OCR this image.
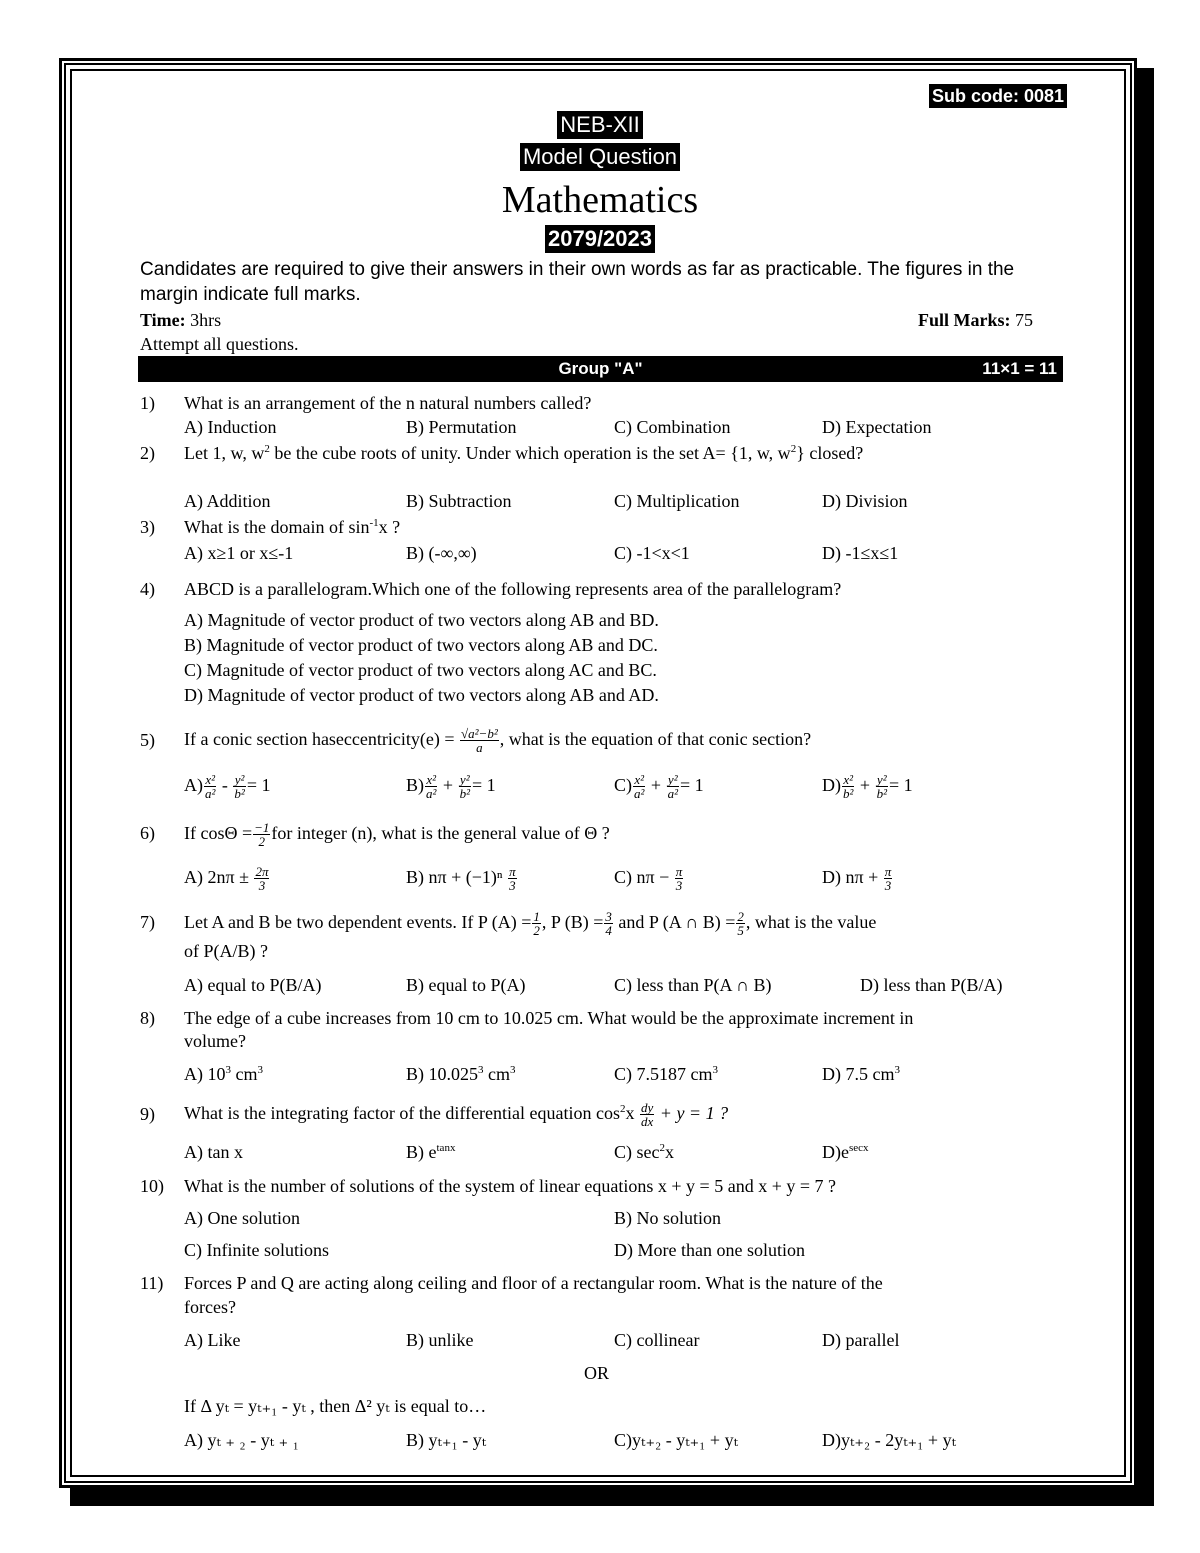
Sub code: 0081
NEB-XII
Model Question
Mathematics
2079/2023
Candidates are required to give their answers in their own words as far as practicable. The figures in the margin indicate full marks.
Time: 3hrs	Full Marks: 75
Attempt all questions.
Group "A"	11×1 = 11
1) What is an arrangement of the n natural numbers called?
A) Induction	B) Permutation	C) Combination	D) Expectation
2) Let 1, w, $w^2$ be the cube roots of unity. Under which operation is the set A= {1, w, $w^2$} closed?
A) Addition	B) Subtraction	C) Multiplication	D) Division
3) What is the domain of $\sin^{-1}x$ ?
A) x≥1 or x≤-1	B) (-∞,∞)	C) -1<x<1	D) -1≤x≤1
4) ABCD is a parallelogram.Which one of the following represents area of the parallelogram?
A) Magnitude of vector product of two vectors along AB and BD.
B) Magnitude of vector product of two vectors along AB and DC.
C) Magnitude of vector product of two vectors along AC and BC.
D) Magnitude of vector product of two vectors along AB and AD.
5) If a conic section haseccentricity(e) = $\frac{\text{√a²−b²}}{a}$ , what is the equation of that conic section?
$A) \frac{\text{x²}}{\text{a²}} - \frac{\text{y²}}{\text{b²}} = 1$	$B) \frac{\text{x²}}{\text{a²}} + \frac{\text{y²}}{\text{b²}} = 1$	$C) \frac{\text{x²}}{\text{a²}} + \frac{\text{y²}}{\text{a²}} = 1$	$D) \frac{\text{x²}}{\text{b²}} + \frac{\text{y²}}{\text{b²}} = 1$
6) If $\cos\Theta = \frac{-1}{2}$ for integer (n), what is the general value of Θ ?
A) $2n\pi \pm \frac{2\pi}{3}$	B) $n\pi + (-1)^n \frac{\pi}{3}$	C) $n\pi - \frac{\pi}{3}$	D) $n\pi + \frac{\pi}{3}$
7) Let A and B be two dependent events. If P $(A) = \frac{1}{2}$ , P $(B) = \frac{3}{4}$ and P (A ∩ $B) = \frac{2}{5}$ , what is the value
of P(A/B) ?
A) equal to P(B/A)	B) equal to P(A)	C) less than P(A ∩ B)	D) less than P(B/A)
8) The edge of a cube increases from 10 cm to 10.025 cm. What would be the approximate increment in
volume?
A) $10^3$ $cm^3$	B) 10.025$^3$ $cm^3$	C) 7.5187 $cm^3$	D) 7.5 $cm^3$
9) What is the integrating factor of the differential equation $\cos^2x \frac{dy}{dx} + y = 1$ ?
A) tan x	B) $e^{tanx}$	C) $\sec^2x$	$D)e^{secx}$
10) What is the number of solutions of the system of linear equations x + y = 5 and x + y = 7 ?
A) One solution	B) No solution
C) Infinite solutions	D) More than one solution
11) Forces P and Q are acting along ceiling and floor of a rectangular room. What is the nature of the
forces?
A) Like	B) unlike	C) collinear	D) parallel
OR
If Δ yₜ = yₜ₊₁ - yₜ , then Δ² yₜ is equal to…
A) yₜ ₊ ₂ - yₜ ₊ ₁	B) yₜ₊₁ - yₜ	C)yₜ₊₂ - yₜ₊₁ + yₜ	D)yₜ₊₂ - 2yₜ₊₁ + yₜ
